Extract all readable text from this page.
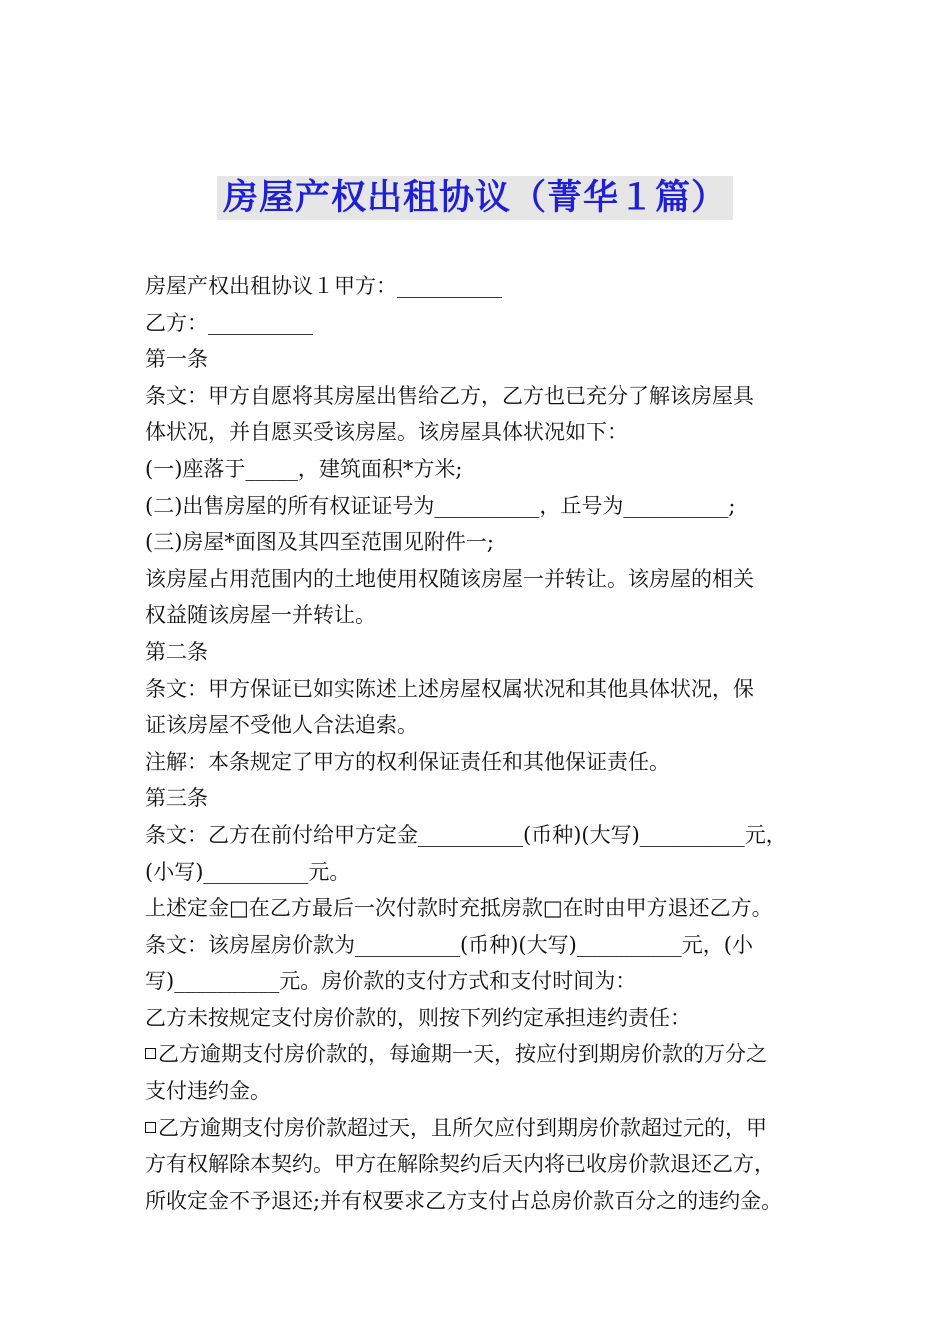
房屋产权出租协议（菁华１篇）

房屋产权出租协议１甲方：__________

乙方：__________

第一条

条文：甲方自愿将其房屋出售给乙方，乙方也已充分了解该房屋具

体状况，并自愿买受该房屋。该房屋具体状况如下：

(一)座落于_____，建筑面积*方米;

(二)出售房屋的所有权证证号为__________，丘号为__________;

(三)房屋*面图及其四至范围见附件一;

该房屋占用范围内的土地使用权随该房屋一并转让。该房屋的相关

权益随该房屋一并转让。

第二条

条文：甲方保证已如实陈述上述房屋权属状况和其他具体状况，保

证该房屋不受他人合法追索。

注解：本条规定了甲方的权利保证责任和其他保证责任。

第三条

条文：乙方在前付给甲方定金__________(币种)(大写)__________元，

(小写)__________元。

上述定金□在乙方最后一次付款时充抵房款□在时由甲方退还乙方。

条文：该房屋房价款为__________(币种)(大写)__________元，(小

写)__________元。房价款的支付方式和支付时间为：

乙方未按规定支付房价款的，则按下列约定承担违约责任：

乙方逾期支付房价款的，每逾期一天，按应付到期房价款的万分之

支付违约金。

乙方逾期支付房价款超过天，且所欠应付到期房价款超过元的，甲

方有权解除本契约。甲方在解除契约后天内将已收房价款退还乙方，

所收定金不予退还;并有权要求乙方支付占总房价款百分之的违约金。
